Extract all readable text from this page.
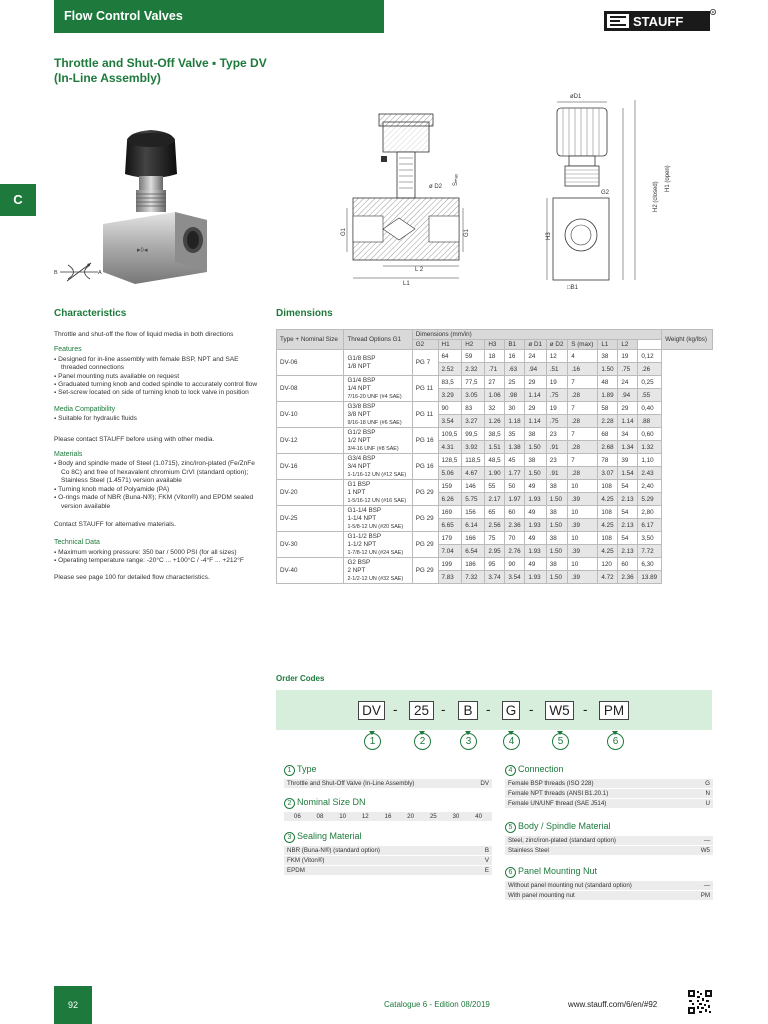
Flow Control Valves	STAUFF
R
C
Throttle and Shut-Off Valve ▪ Type DV
(In-Line Assembly)
▸◊◂
B	A
G1	G1
ø D2
Sₘₐₓ
L 2
L1
øD1
G2
H3
H2 (closed)
H1 (open)
□B1
Characteristics	Dimensions

Throttle and shut-off the flow of liquid media in both directions

Features
▪ Designed for in-line assembly with female BSP, NPT and SAE threaded connections
▪ Panel mounting nuts available on request
▪ Graduated turning knob and coded spindle to accurately control flow
▪ Set-screw located on side of turning knob to lock valve in position
Media Compatibility
▪ Suitable for hydraulic fluids

Please contact STAUFF before using with other media.

Materials
▪ Body and spindle made of Steel (1.0715), zinc/iron-plated (Fe/ZnFe Co 8C) and free of hexavalent chromium CrVI (standard option); Stainless Steel (1.4571) version available
▪ Turning knob made of Polyamide (PA)
▪ O-rings made of NBR (Buna-N®); FKM (Viton®) and EPDM sealed version available

Contact STAUFF for alternative materials.

Technical Data
▪ Maximum working pressure: 350 bar / 5000 PSI (for all sizes)
▪ Operating temperature range: -20°C ... +100°C / -4°F ... +212°F

Please see page 100 for detailed flow characteristics.

Type + Nominal Size	Thread Options G1	Dimensions (mm/in)											Weight (kg/lbs)
		G2	H1	H2	H3	B1	ø D1	ø D2	S (max)	L1	L2		
DV-06	G1/8 BSP
1/8 NPT	PG 7	64	59	18	16	24	12	4	38	19	0,12	
			2.52	2.32	.71	.63	.94	.51	.16	1.50	.75	.26	
DV-08	G1/4 BSP
1/4 NPT
7/16-20 UNF (#4 SAE)	PG 11	83,5	77,5	27	25	29	19	7	48	24	0,25	
			3.29	3.05	1.06	.98	1.14	.75	.28	1.89	.94	.55	
DV-10	G3/8 BSP
3/8 NPT
9/16-18 UNF (#6 SAE)	PG 11	90	83	32	30	29	19	7	58	29	0,40	
			3.54	3.27	1.26	1.18	1.14	.75	.28	2.28	1.14	.88	
DV-12	G1/2 BSP
1/2 NPT
3/4-16 UNF (#8 SAE)	PG 16	109,5	99,5	38,5	35	38	23	7	68	34	0,60	
			4.31	3.92	1.51	1.38	1.50	.91	.28	2.68	1.34	1.32	
DV-16	G3/4 BSP
3/4 NPT
1-1/16-12 UN (#12 SAE)	PG 16	128,5	118,5	48,5	45	38	23	7	78	39	1,10	
			5.06	4.67	1.90	1.77	1.50	.91	.28	3.07	1.54	2.43	
DV-20	G1 BSP
1 NPT
1-5/16-12 UN (#16 SAE)	PG 29	159	146	55	50	49	38	10	108	54	2,40	
			6.26	5.75	2.17	1.97	1.93	1.50	.39	4.25	2.13	5.29	
DV-25	G1-1/4 BSP
1-1/4 NPT
1-5/8-12 UN (#20 SAE)	PG 29	169	156	65	60	49	38	10	108	54	2,80	
			6.65	6.14	2.56	2.36	1.93	1.50	.39	4.25	2.13	6.17	
DV-30	G1-1/2 BSP
1-1/2 NPT
1-7/8-12 UN (#24 SAE)	PG 29	179	166	75	70	49	38	10	108	54	3,50	
			7.04	6.54	2.95	2.76	1.93	1.50	.39	4.25	2.13	7.72	
DV-40	G2 BSP
2 NPT
2-1/2-12 UN (#32 SAE)	PG 29	199	186	95	90	49	38	10	120	60	6,30	
			7.83	7.32	3.74	3.54	1.93	1.50	.39	4.72	2.36	13.89	
Order Codes
DV -	25 -	B	- G -	W5 -	PM
1	2	3	4	5	6
1 Type
Throttle and Shut-Off Valve (In-Line Assembly)	DV
2 Nominal Size DN
06	08	10	12	16	20	25	30	40
3 Sealing Material
NBR (Buna-N®) (standard option)	B
FKM (Viton®)	V
EPDM	E
4 Connection
Female BSP threads (ISO 228)	G
Female NPT threads (ANSI B1.20.1)	N
Female UN/UNF thread (SAE J514)	U
5 Body / Spindle Material
Steel, zinc/iron-plated (standard option)	—
Stainless Steel	W5
6 Panel Mounting Nut
Without panel mounting nut (standard option)	—
With panel mounting nut	PM
92	Catalogue 6 - Edition 08/2019	www.stauff.com/6/en/#92
